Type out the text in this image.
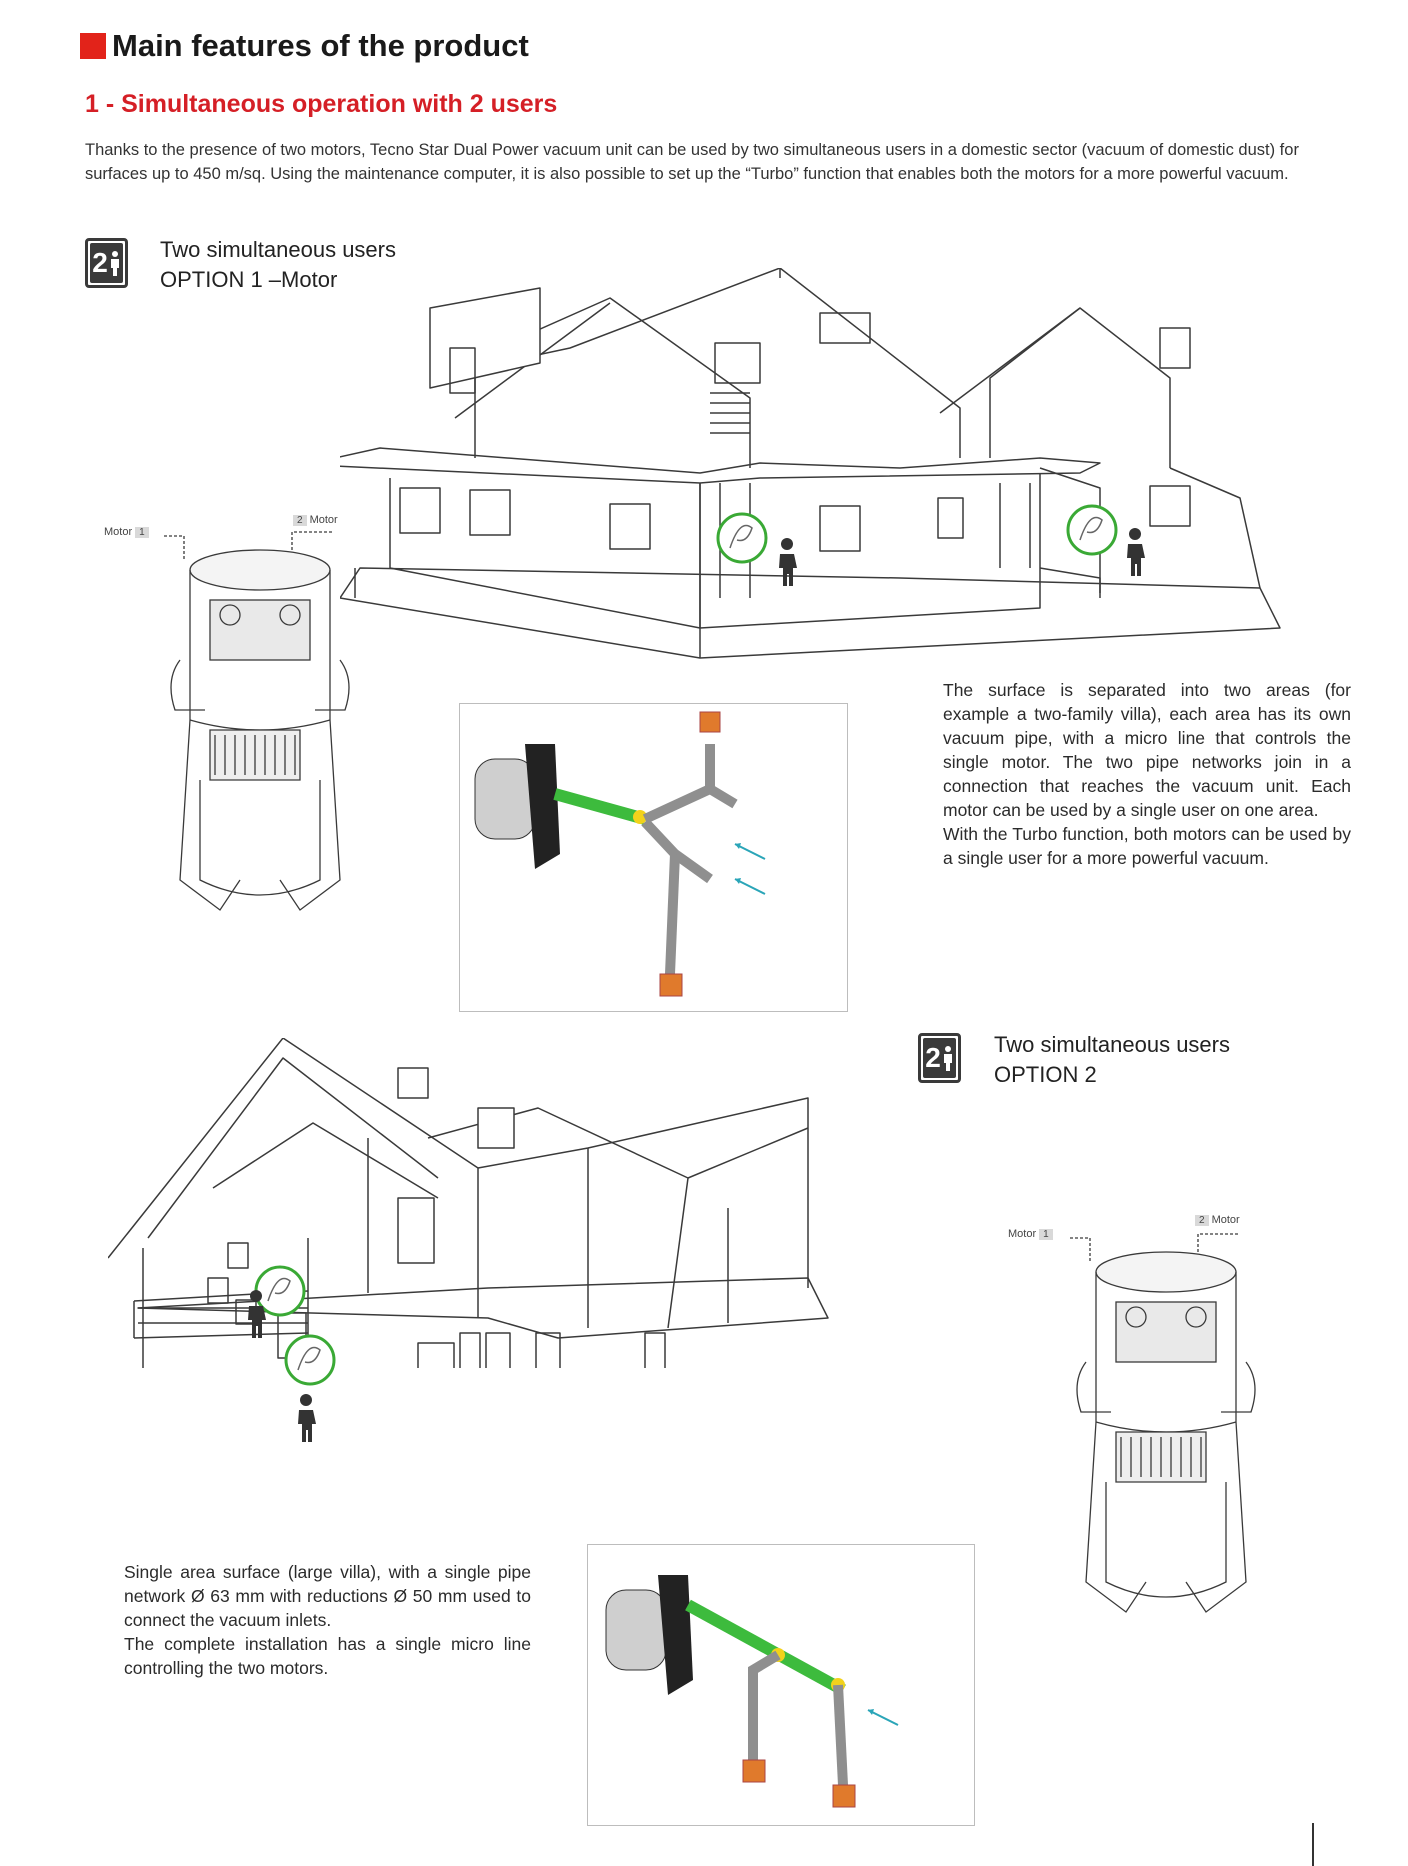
Main features of the product
1 - Simultaneous operation with 2 users

Thanks to the presence of two motors, Tecno Star Dual Power vacuum unit can be used by two simultaneous users in a domestic sector (vacuum of domestic dust) for surfaces up to 450 m/sq. Using the maintenance computer, it is also possible to set up the “Turbo” function that enables both the motors for a more powerful vacuum.

2 Two simultaneous users
OPTION 1 –Motor
Motor 1
2 Motor
The surface is separated into two areas (for example a two-family villa), each area has its own vacuum pipe, with a micro line that controls the single motor. The two pipe networks join in a connection that reaches the vacuum unit. Each motor can be used by a single user on one area.
With the Turbo function, both motors can be used by a single user for a more powerful vacuum.
2 Two simultaneous users
OPTION 2
Motor 1
2 Motor
Single area surface (large villa), with a single pipe network Ø 63 mm with reductions Ø 50 mm used to connect the vacuum inlets.
The complete installation has a single micro line controlling the two motors.
